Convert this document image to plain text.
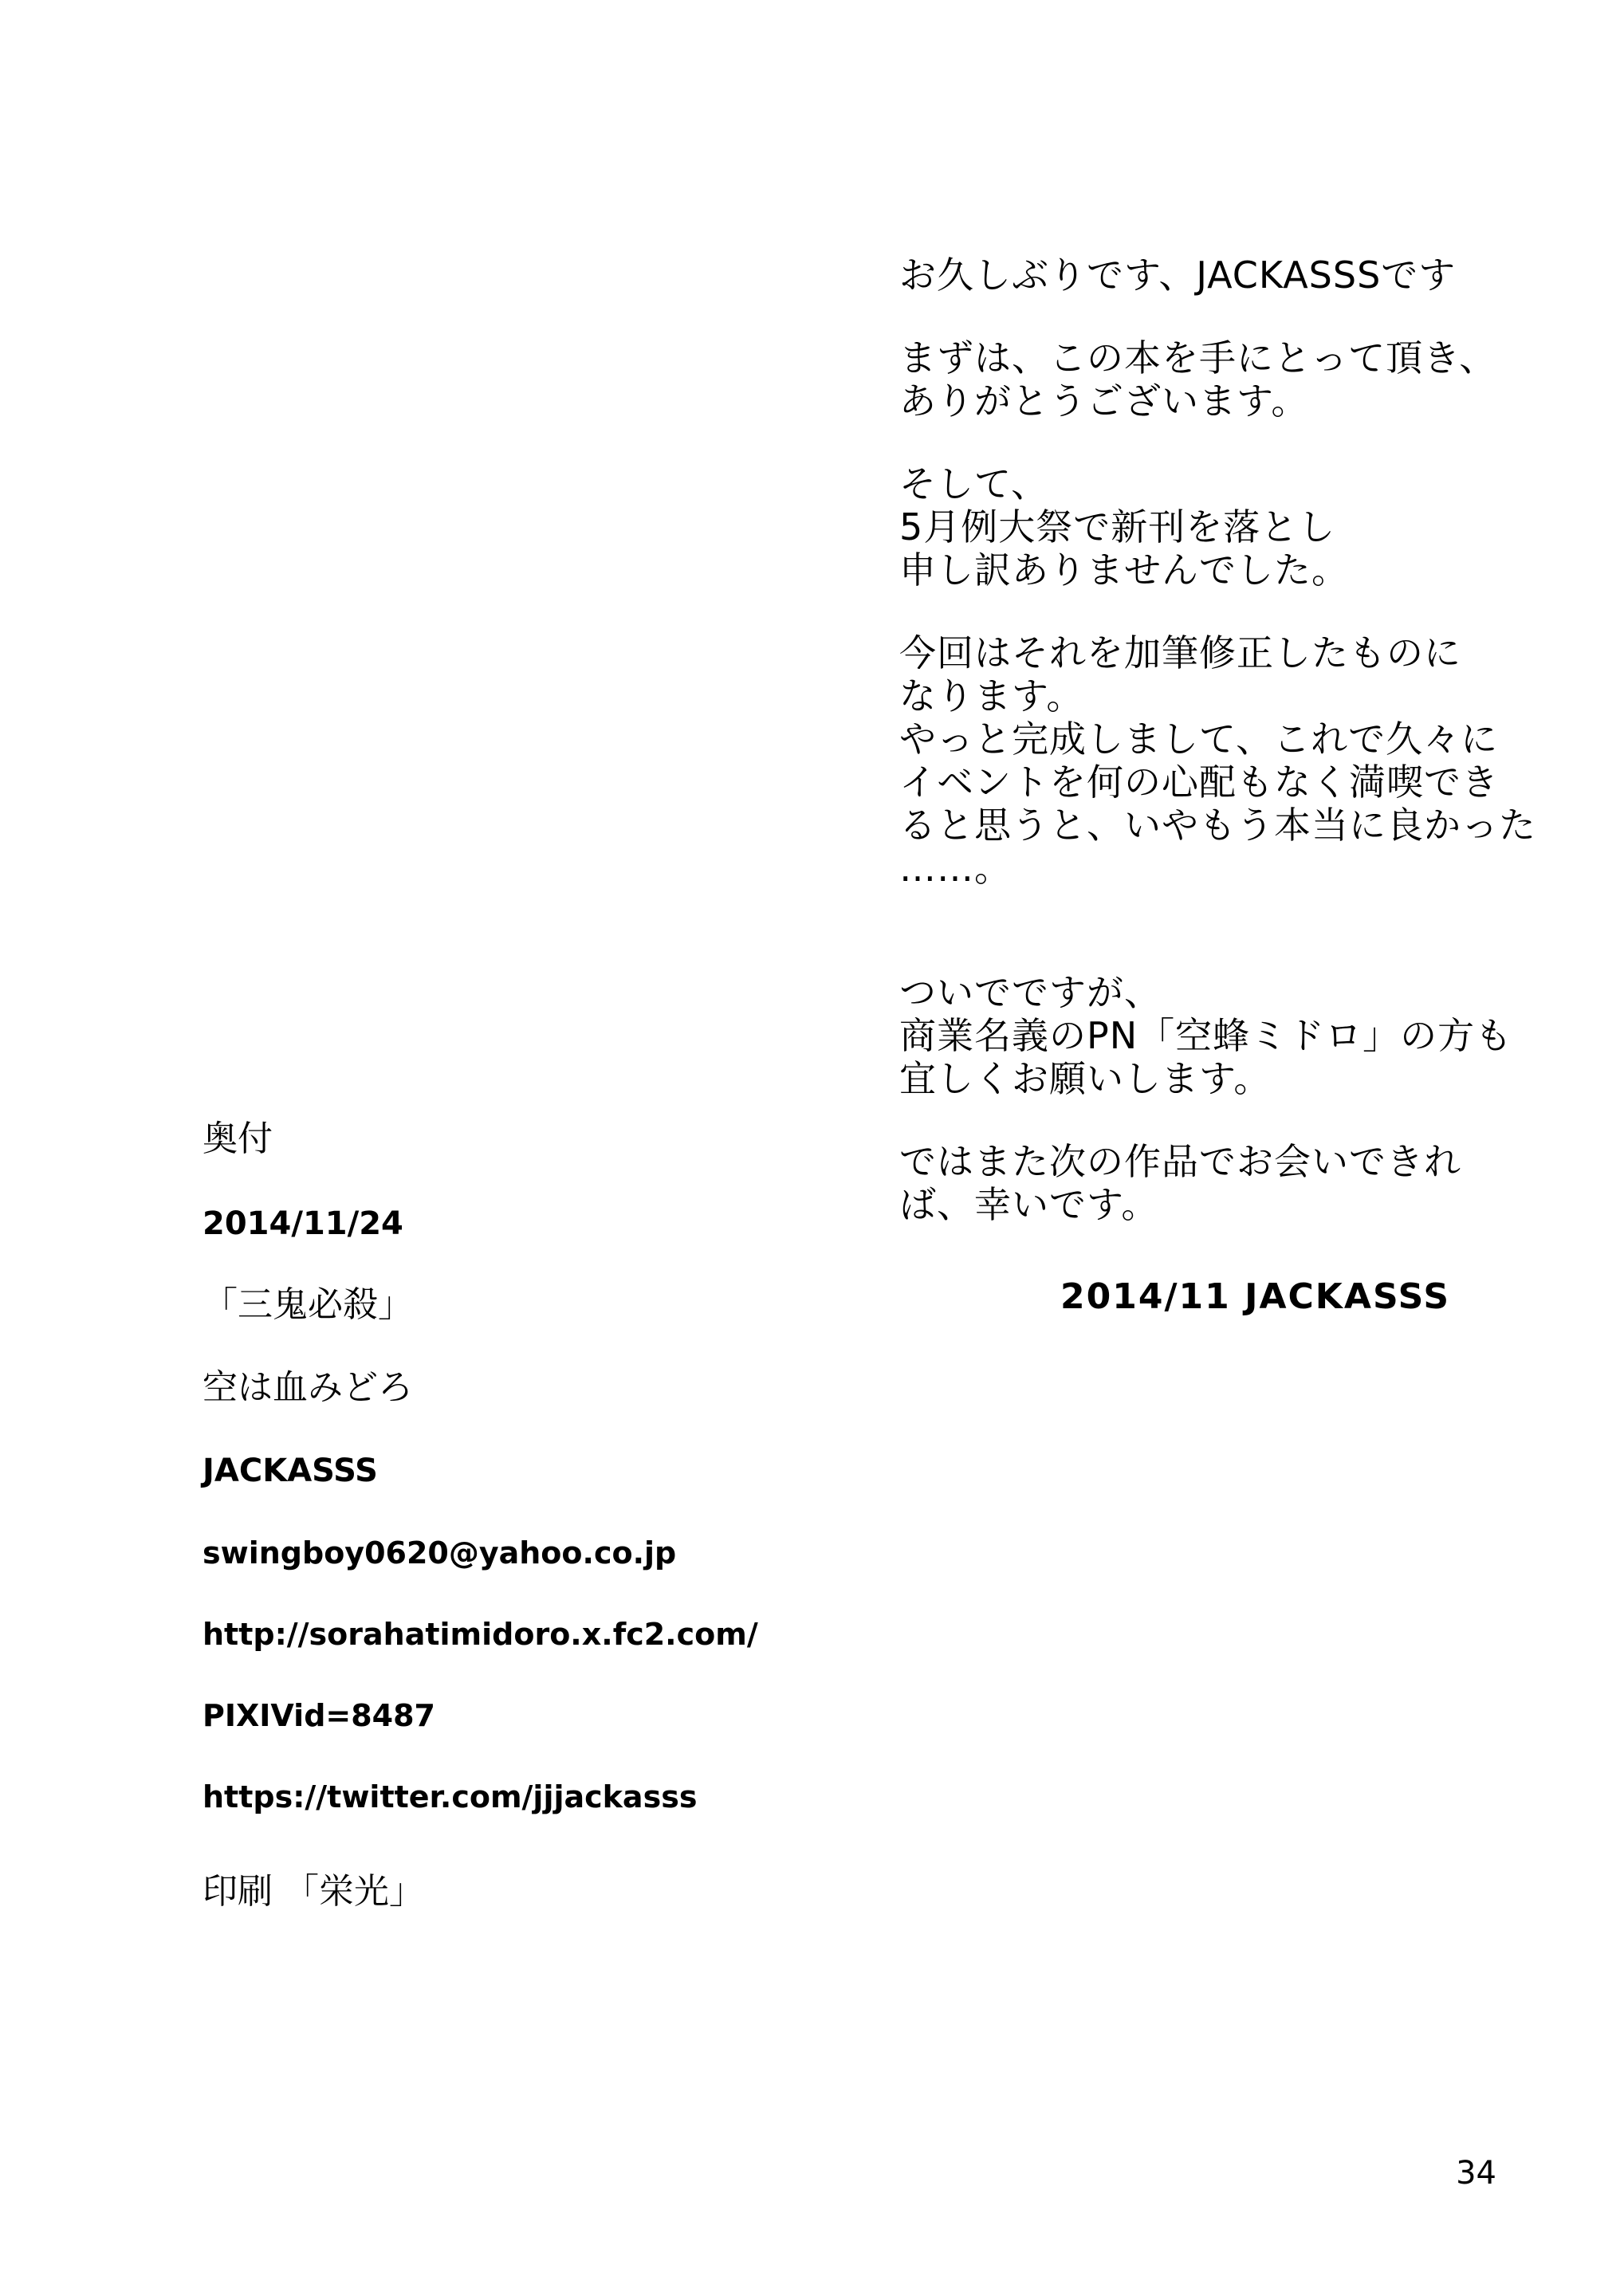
お久しぶりです、JACKASSSです
まずは、この本を手にとって頂き、
ありがとうございます。
そして、
5月例大祭で新刊を落とし
申し訳ありませんでした。
今回はそれを加筆修正したものに
なります。
やっと完成しまして、これで久々に
イベントを何の心配もなく満喫でき
ると思うと、いやもう本当に良かった
……。
ついでですが、
商業名義のPN「空蜂ミドロ」の方も
宜しくお願いします。
ではまた次の作品でお会いできれ
ば、幸いです。
2014/11 JACKASSS
奥付
2014/11/24
「三鬼必殺」
空は血みどろ
JACKASSS
swingboy0620@yahoo.co.jp
http://sorahatimidoro.x.fc2.com/
PIXIVid=8487
https://twitter.com/jjjackasss
印刷 「栄光」
34
